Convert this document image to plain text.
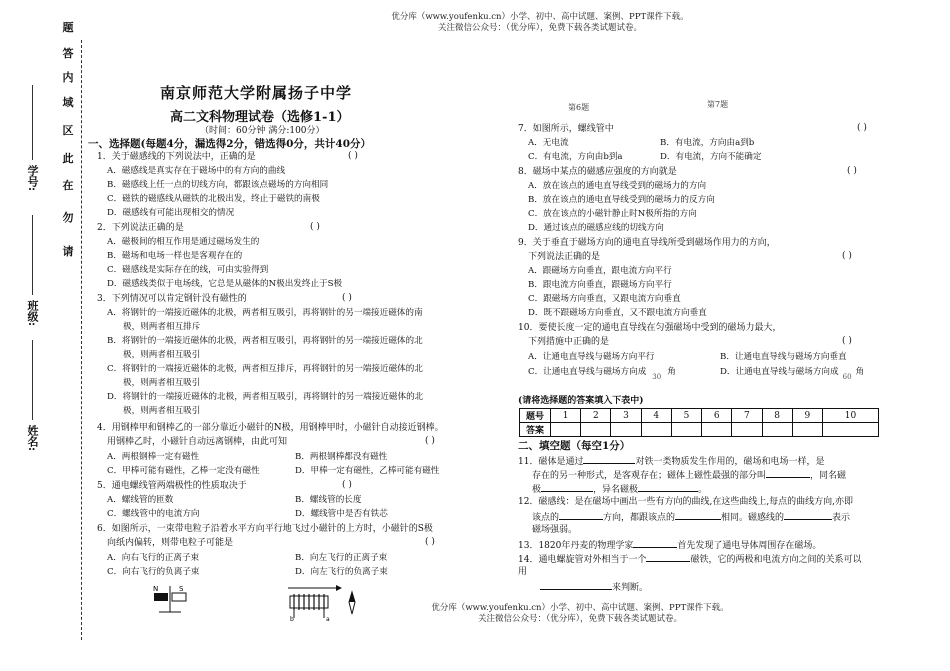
优分库（www.youfenku.cn）小学、初中、高中试题、案例、PPT课件下载。
关注微信公众号：（优分库），免费下载各类试题试卷。
优分库（www.youfenku.cn）小学、初中、高中试题、案例、PPT课件下载。
关注微信公众号：（优分库），免费下载各类试题试卷。
姓名:
班级:
学号:
请
勿
在
此
区
域
内
答
题
南京师范大学附属扬子中学
高二文科物理试卷（选修1-1）
（时间：60分钟 满分:100分）
一、选择题(每题4分，漏选得2分，错选得0分，共计40分）
1．关于磁感线的下列说法中，正确的是	( )
A．磁感线是真实存在于磁场中的有方向的曲线
B．磁感线上任一点的切线方向，都跟该点磁场的方向相同
C．磁铁的磁感线从磁铁的北极出发，终止于磁铁的南极
D．磁感线有可能出现相交的情况
2．下列说法正确的是	( )
A．磁极间的相互作用是通过磁场发生的
B．磁场和电场一样也是客观存在的
C．磁感线是实际存在的线，可由实验得到
D．磁感线类似于电场线，它总是从磁体的N极出发终止于S极
3．下列情况可以肯定钢针没有磁性的	( )
A．将钢针的一端接近磁体的北极，两者相互吸引，再将钢针的另一端接近磁体的南
极，则两者相互排斥
B．将钢针的一端接近磁体的北极，两者相互吸引，再将钢针的另一端接近磁体的北
极，则两者相互吸引
C．将钢针的一端接近磁体的北极，两者相互排斥，再将钢针的另一端接近磁体的北
极，则两者相互吸引
D．将钢针的一端接近磁体的北极，两者相互吸引，再将钢针的另一端接近磁体的北
极，则两者相互吸引
4．用钢棒甲和钢棒乙的一部分靠近小磁针的N极，用钢棒甲时，小磁针自动接近钢棒。
用钢棒乙时，小磁针自动远离钢棒，由此可知	( )
A．两根钢棒一定有磁性	B．两根钢棒都没有磁性
C．甲棒可能有磁性，乙棒一定没有磁性	D．甲棒一定有磁性，乙棒可能有磁性
5．通电螺线管两端极性的性质取决于	( )
A．螺线管的匝数	B．螺线管的长度
C．螺线管中的电流方向	D．螺线管中是否有铁芯
6．如图所示，一束带电粒子沿着水平方向平行地飞过小磁针的上方时，小磁针的S极
向纸内偏转，则带电粒子可能是	( )
A．向右飞行的正离子束	B．向左飞行的正离子束
C．向右飞行的负离子束	D．向左飞行的负离子束
N	S
b	a
第6题	第7题
7．如图所示，螺线管中	( )
A．无电流	B．有电流，方向由a到b
C．有电流，方向由b到a	D．有电流，方向不能确定
8．磁场中某点的磁感应强度的方向就是	( )
A．放在该点的通电直导线受到的磁场力的方向
B．放在该点的通电直导线受到的磁场力的反方向
C．放在该点的小磁针静止时N极所指的方向
D．通过该点的磁感应线的切线方向
9．关于垂直于磁场方向的通电直导线所受到磁场作用力的方向，
下列说法正确的是	( )
A．跟磁场方向垂直，跟电流方向平行
B．跟电流方向垂直，跟磁场方向平行
C．跟磁场方向垂直，又跟电流方向垂直
D．既不跟磁场方向垂直，又不跟电流方向垂直
10．要使长度一定的通电直导线在匀强磁场中受到的磁场力最大，
下列措施中正确的是	( )
A．让通电直导线与磁场方向平行	B．让通电直导线与磁场方向垂直
C．让通电直导线与磁场方向成 $_{30}$ 角	D．让通电直导线与磁场方向成 $_{60}$ 角
(请将选择题的答案填入下表中)
题号	1	2	3	4	5	6	7	8	9	10
答案										
二、填空题（每空1分）
11．磁体是通过	对铁一类物质发生作用的，磁场和电场一样，是
存在的另一种形式，是客观存在；磁体上磁性最强的部分叫	，同名磁
极	，异名磁极	。
12．磁感线：是在磁场中画出一些有方向的曲线,在这些曲线上,每点的曲线方向,亦即
该点的	方向，都跟该点的	相同。磁感线的	表示
磁场强弱。
13．1820年丹麦的物理学家	首先发现了通电导体周围存在磁场。
14．通电螺旋管对外相当于一个	磁铁，它的两极和电流方向之间的关系可以
用
来判断。
